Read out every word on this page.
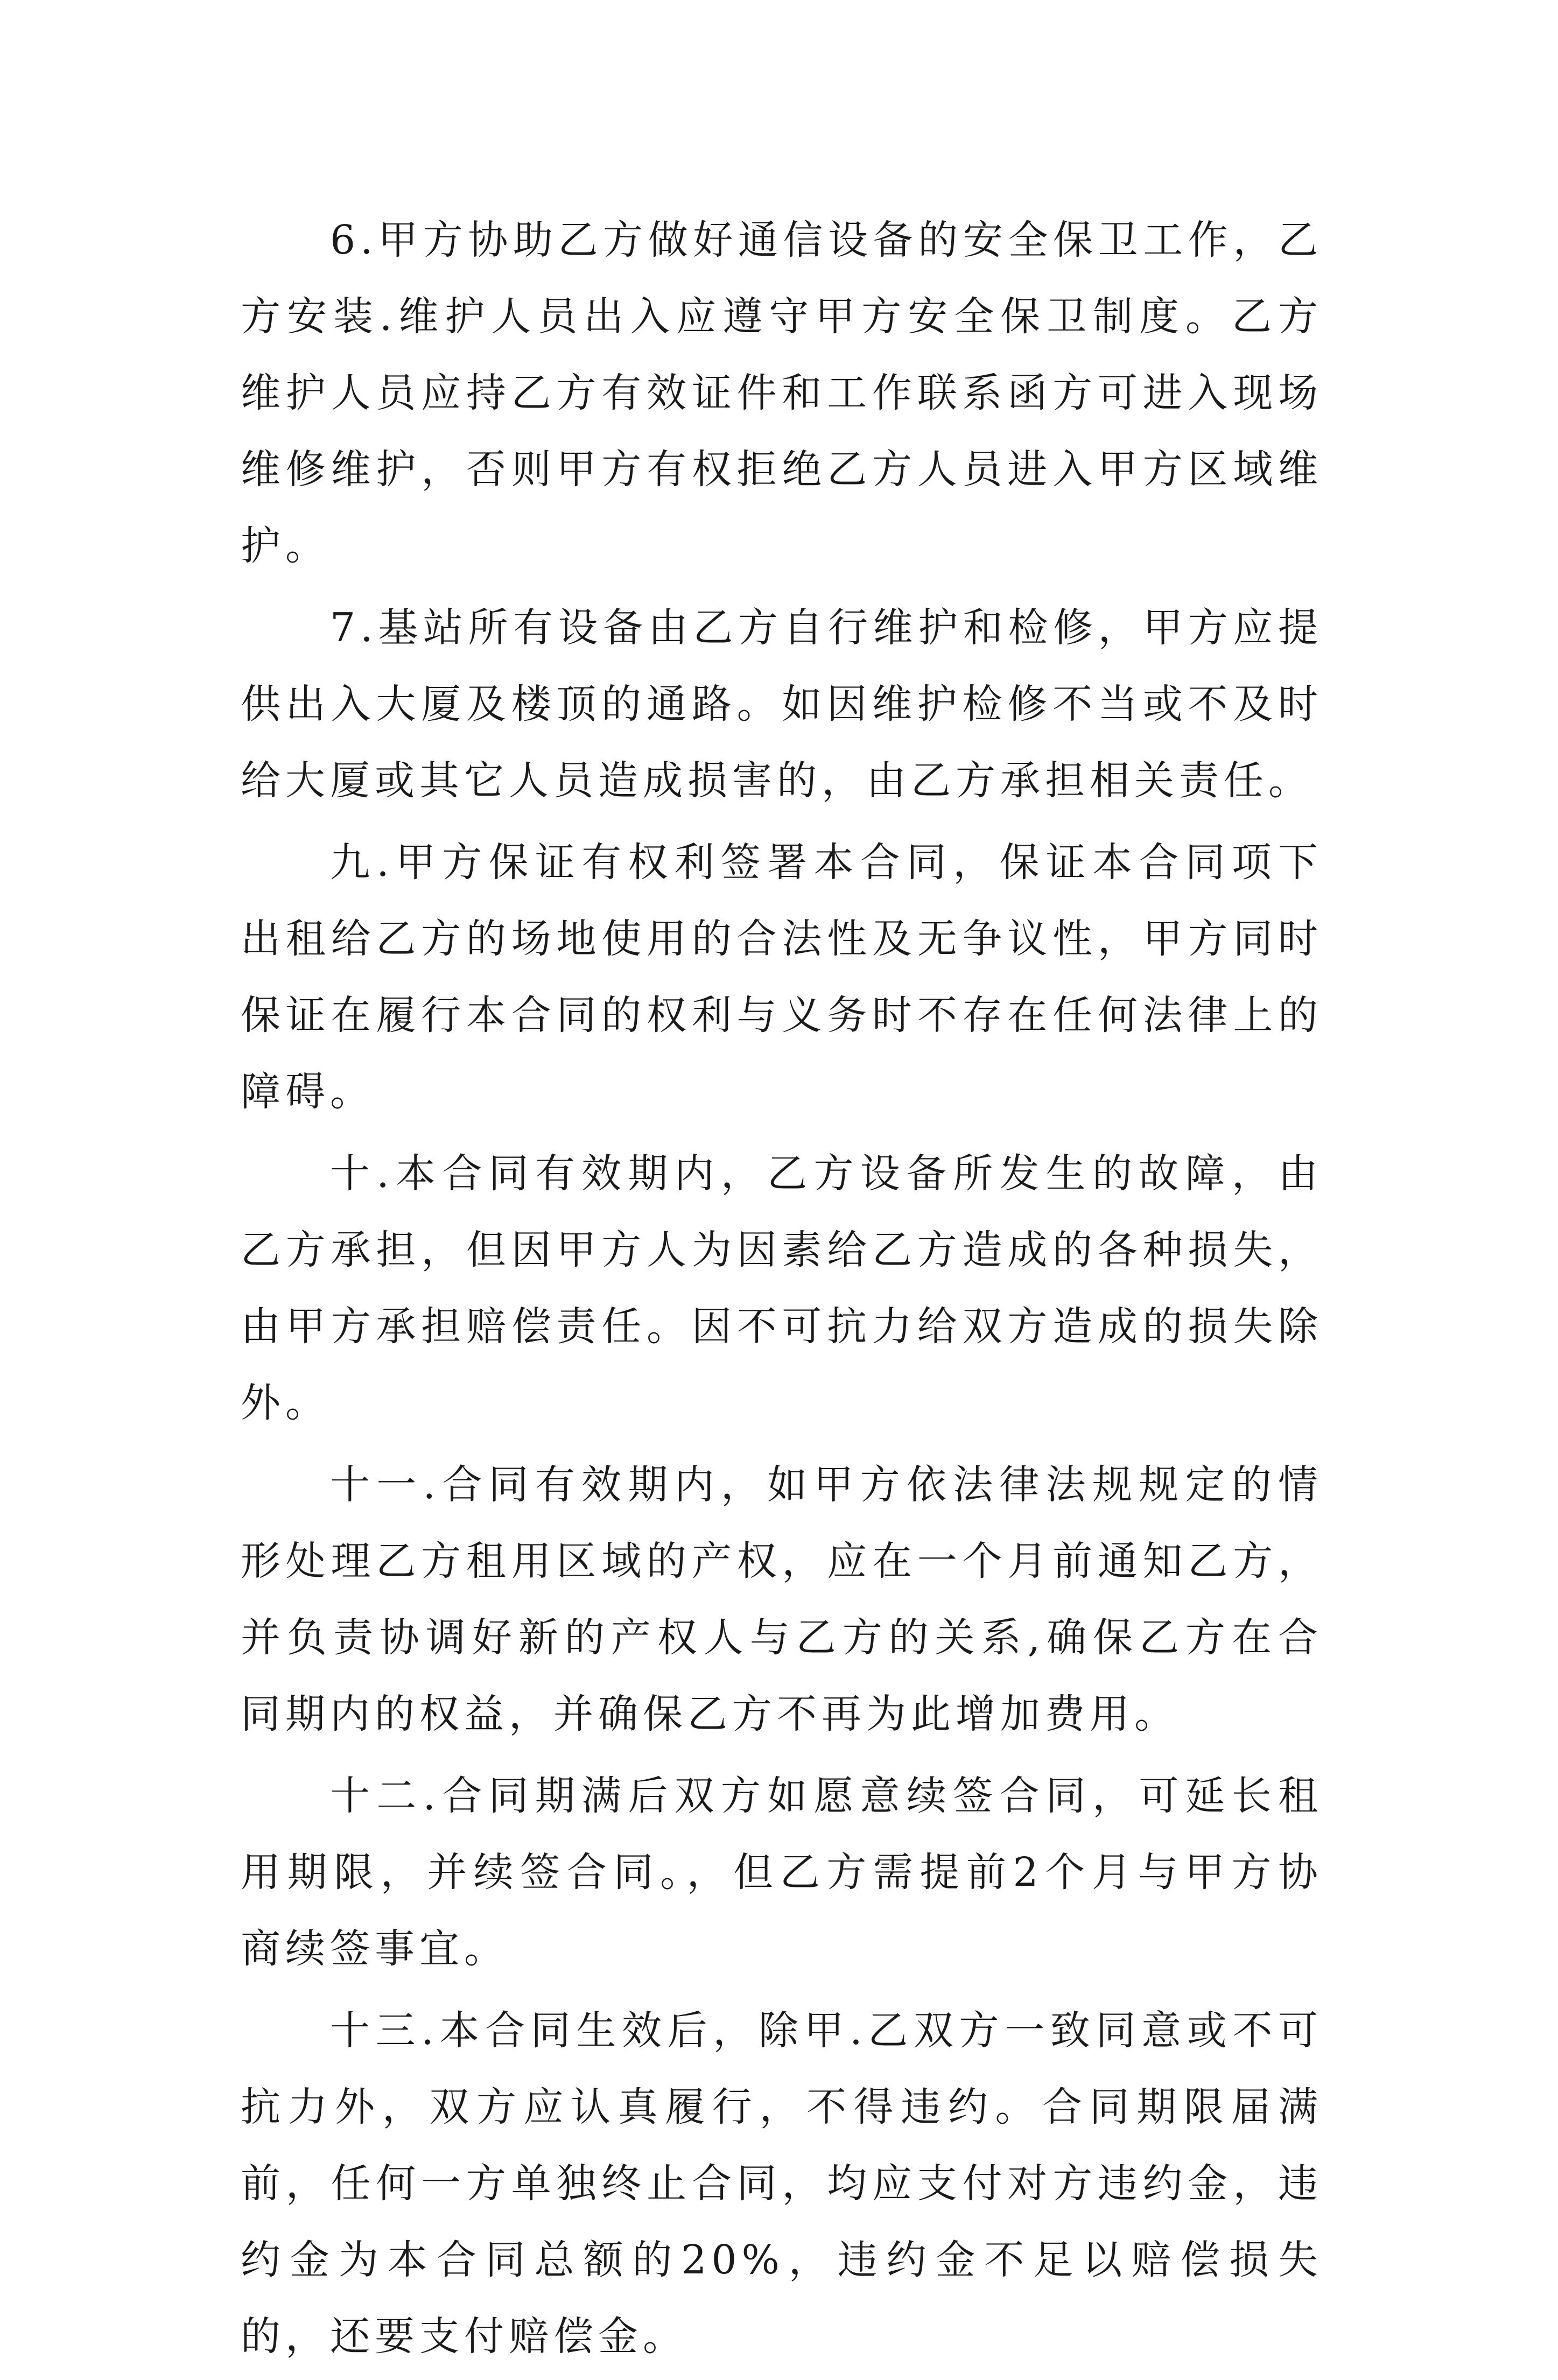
6.甲方协助乙方做好通信设备的安全保卫工作，乙方安装.维护人员出入应遵守甲方安全保卫制度。乙方维护人员应持乙方有效证件和工作联系函方可进入现场维修维护，否则甲方有权拒绝乙方人员进入甲方区域维护。

7.基站所有设备由乙方自行维护和检修，甲方应提供出入大厦及楼顶的通路。如因维护检修不当或不及时给大厦或其它人员造成损害的，由乙方承担相关责任。

九.甲方保证有权利签署本合同，保证本合同项下出租给乙方的场地使用的合法性及无争议性，甲方同时保证在履行本合同的权利与义务时不存在任何法律上的障碍。

十.本合同有效期内，乙方设备所发生的故障，由乙方承担，但因甲方人为因素给乙方造成的各种损失，由甲方承担赔偿责任。因不可抗力给双方造成的损失除外。

十一.合同有效期内，如甲方依法律法规规定的情形处理乙方租用区域的产权，应在一个月前通知乙方，并负责协调好新的产权人与乙方的关系,确保乙方在合同期内的权益，并确保乙方不再为此增加费用。

十二.合同期满后双方如愿意续签合同，可延长租用期限，并续签合同。，但乙方需提前2个月与甲方协商续签事宜。

十三.本合同生效后，除甲.乙双方一致同意或不可抗力外，双方应认真履行，不得违约。合同期限届满前，任何一方单独终止合同，均应支付对方违约金，违约金为本合同总额的20%，违约金不足以赔偿损失的，还要支付赔偿金。
